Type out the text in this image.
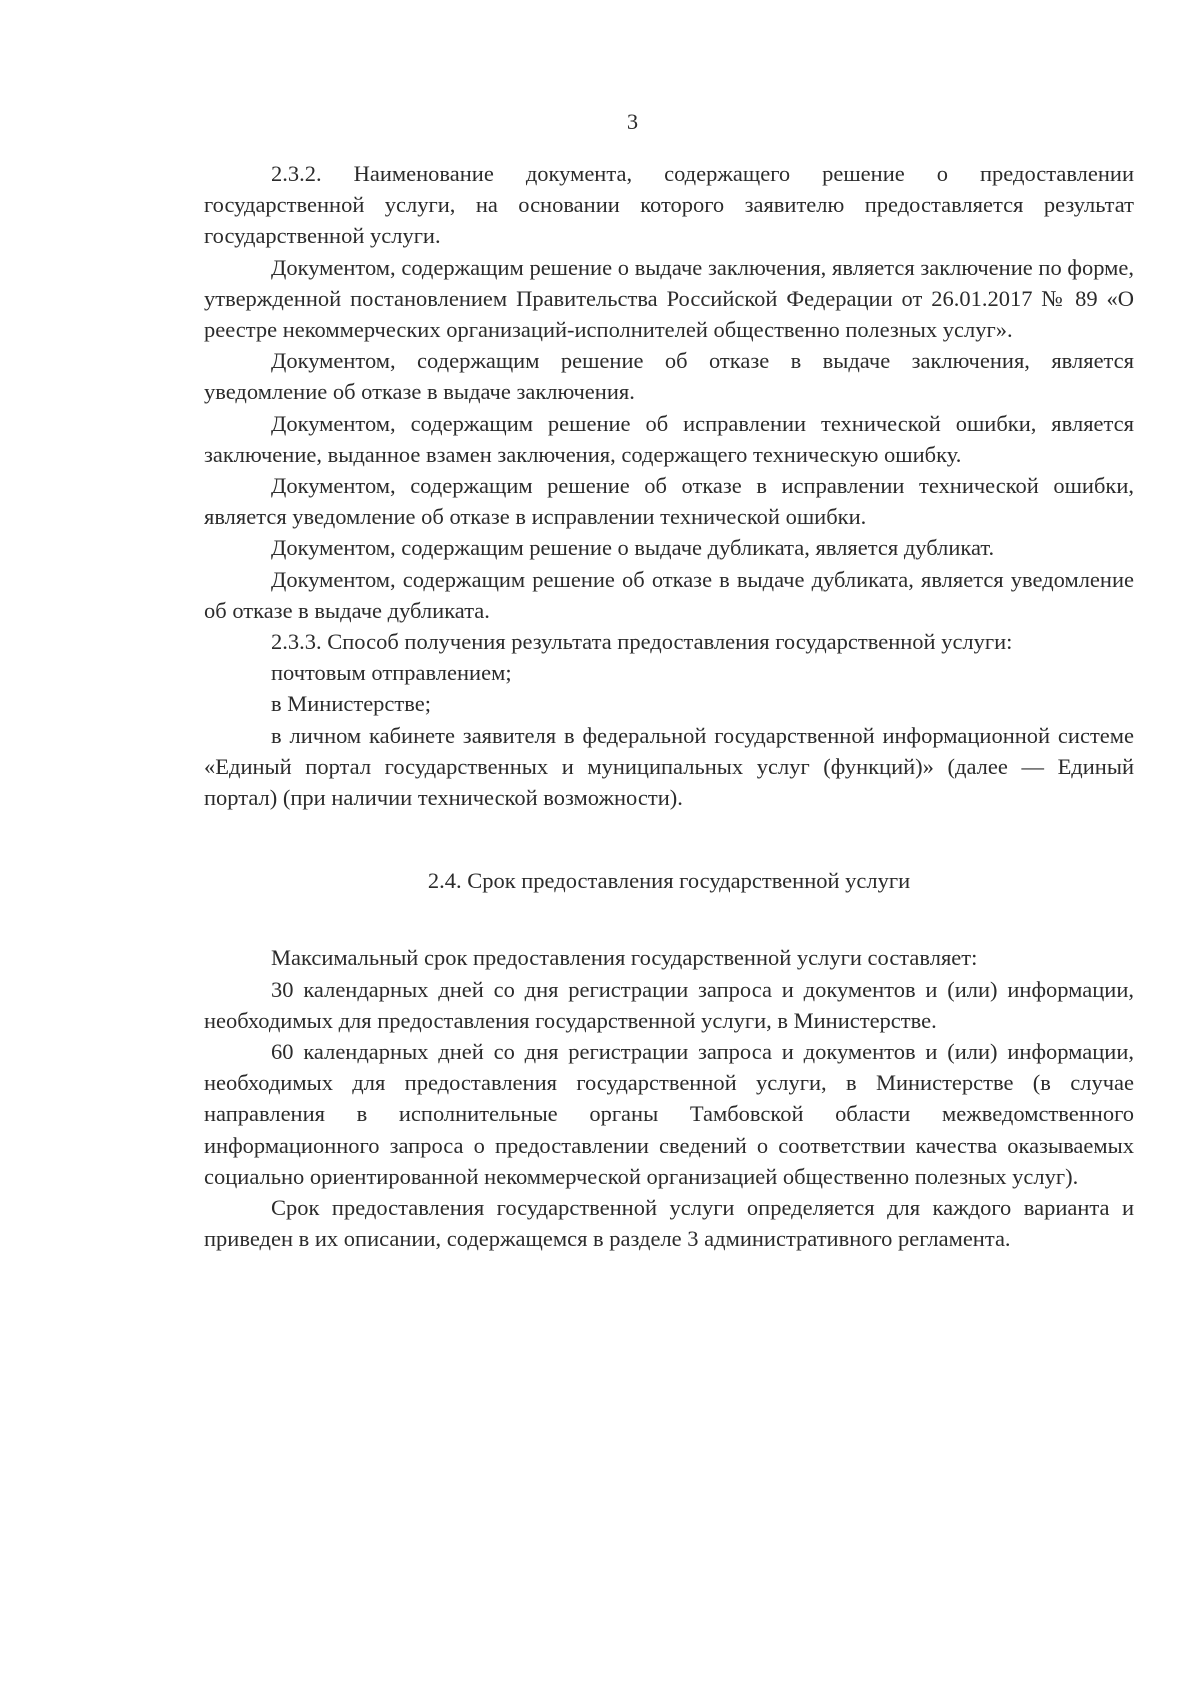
3

2.3.2. Наименование документа, содержащего решение о предоставлении государственной услуги, на основании которого заявителю предоставляется результат государственной услуги.

Документом, содержащим решение о выдаче заключения, является заключение по форме, утвержденной постановлением Правительства Российской Федерации от 26.01.2017 № 89 «О реестре некоммерческих организаций-исполнителей общественно полезных услуг».

Документом, содержащим решение об отказе в выдаче заключения, является уведомление об отказе в выдаче заключения.

Документом, содержащим решение об исправлении технической ошибки, является заключение, выданное взамен заключения, содержащего техническую ошибку.

Документом, содержащим решение об отказе в исправлении технической ошибки, является уведомление об отказе в исправлении технической ошибки.

Документом, содержащим решение о выдаче дубликата, является дубликат.

Документом, содержащим решение об отказе в выдаче дубликата, является уведомление об отказе в выдаче дубликата.

2.3.3. Способ получения результата предоставления государственной услуги:

почтовым отправлением;

в Министерстве;

в личном кабинете заявителя в федеральной государственной информационной системе «Единый портал государственных и муниципальных услуг (функций)» (далее — Единый портал) (при наличии технической возможности).

2.4. Срок предоставления государственной услуги

Максимальный срок предоставления государственной услуги составляет:

30 календарных дней со дня регистрации запроса и документов и (или) информации, необходимых для предоставления государственной услуги, в Министерстве.

60 календарных дней со дня регистрации запроса и документов и (или) информации, необходимых для предоставления государственной услуги, в Министерстве (в случае направления в исполнительные органы Тамбовской области межведомственного информационного запроса о предоставлении сведений о соответствии качества оказываемых социально ориентированной некоммерческой организацией общественно полезных услуг).

Срок предоставления государственной услуги определяется для каждого варианта и приведен в их описании, содержащемся в разделе 3 административного регламента.
